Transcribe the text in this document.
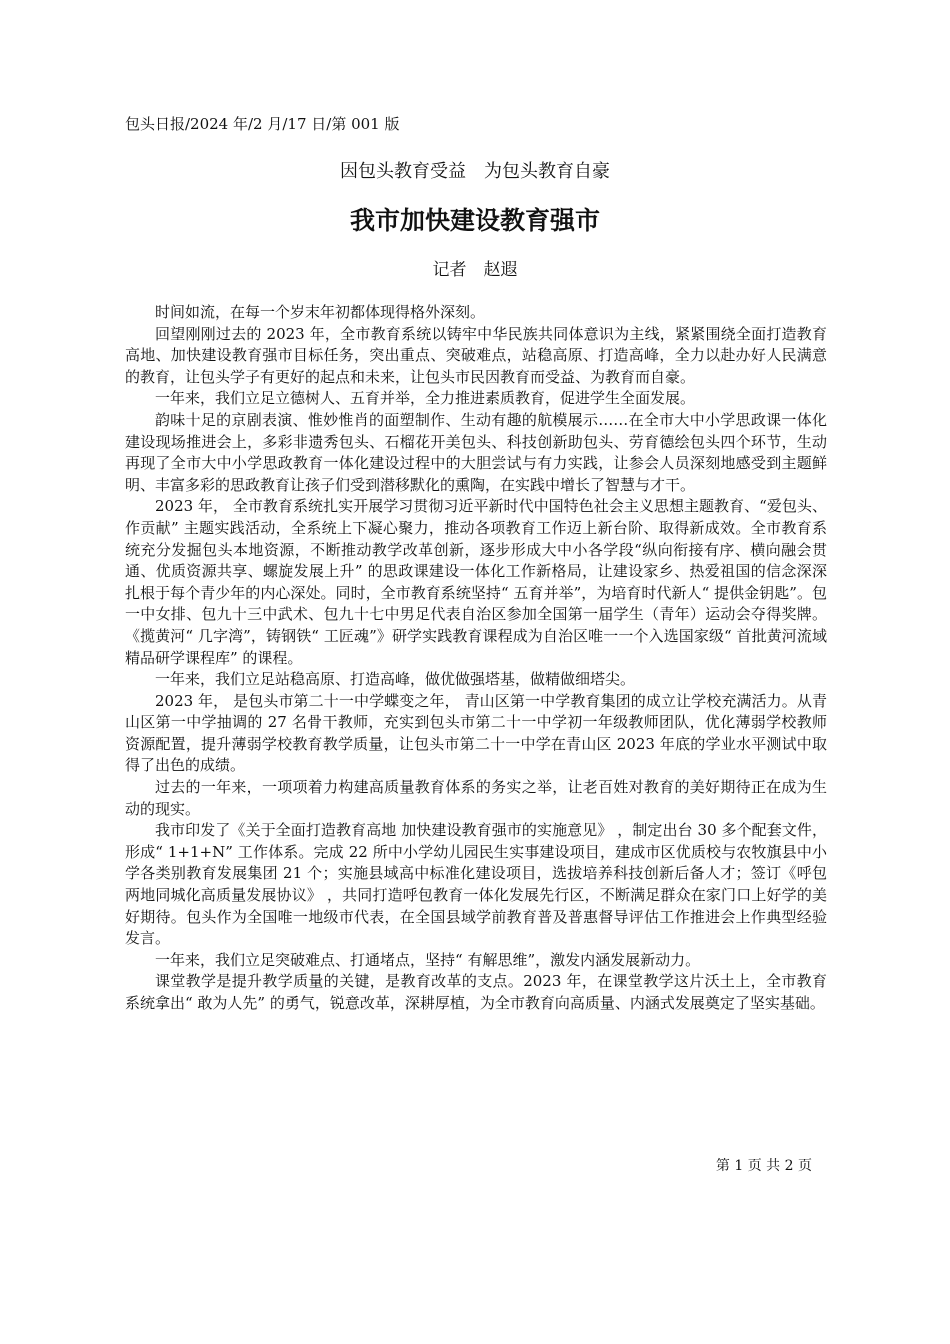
包头日报/2024 年/2 月/17 日/第 001 版
因包头教育受益　为包头教育自豪
我市加快建设教育强市
记者　赵遐

时间如流，在每一个岁末年初都体现得格外深刻。

回望刚刚过去的 2023 年，全市教育系统以铸牢中华民族共同体意识为主线，紧紧围绕全面打造教育高地、加快建设教育强市目标任务，突出重点、突破难点，站稳高原、打造高峰，全力以赴办好人民满意的教育，让包头学子有更好的起点和未来，让包头市民因教育而受益、为教育而自豪。

一年来，我们立足立德树人、五育并举，全力推进素质教育，促进学生全面发展。

韵味十足的京剧表演、惟妙惟肖的面塑制作、生动有趣的航模展示……在全市大中小学思政课一体化建设现场推进会上，多彩非遗秀包头、石榴花开美包头、科技创新助包头、劳育德绘包头四个环节，生动再现了全市大中小学思政教育一体化建设过程中的大胆尝试与有力实践，让参会人员深刻地感受到主题鲜明、丰富多彩的思政教育让孩子们受到潜移默化的熏陶，在实践中增长了智慧与才干。

2023 年， 全市教育系统扎实开展学习贯彻习近平新时代中国特色社会主义思想主题教育、“爱包头、作贡献” 主题实践活动，全系统上下凝心聚力，推动各项教育工作迈上新台阶、取得新成效。全市教育系统充分发掘包头本地资源，不断推动教学改革创新，逐步形成大中小各学段“纵向衔接有序、横向融会贯通、优质资源共享、螺旋发展上升” 的思政课建设一体化工作新格局，让建设家乡、热爱祖国的信念深深扎根于每个青少年的内心深处。同时，全市教育系统坚持“ 五育并举”，为培育时代新人“ 提供金钥匙”。包一中女排、包九十三中武术、包九十七中男足代表自治区参加全国第一届学生（青年）运动会夺得奖牌。《揽黄河“ 几字湾”，铸钢铁“ 工匠魂”》研学实践教育课程成为自治区唯一一个入选国家级“ 首批黄河流域精品研学课程库” 的课程。

一年来，我们立足站稳高原、打造高峰，做优做强塔基，做精做细塔尖。

2023 年， 是包头市第二十一中学蝶变之年， 青山区第一中学教育集团的成立让学校充满活力。从青山区第一中学抽调的 27 名骨干教师，充实到包头市第二十一中学初一年级教师团队，优化薄弱学校教师资源配置，提升薄弱学校教育教学质量，让包头市第二十一中学在青山区 2023 年底的学业水平测试中取得了出色的成绩。

过去的一年来，一项项着力构建高质量教育体系的务实之举，让老百姓对教育的美好期待正在成为生动的现实。

我市印发了《关于全面打造教育高地 加快建设教育强市的实施意见》 ，制定出台 30 多个配套文件，形成“ 1+1+N” 工作体系。完成 22 所中小学幼儿园民生实事建设项目，建成市区优质校与农牧旗县中小学各类别教育发展集团 21 个；实施县域高中标准化建设项目，选拔培养科技创新后备人才；签订《呼包两地同城化高质量发展协议》 ，共同打造呼包教育一体化发展先行区，不断满足群众在家门口上好学的美好期待。包头作为全国唯一地级市代表，在全国县域学前教育普及普惠督导评估工作推进会上作典型经验发言。

一年来，我们立足突破难点、打通堵点，坚持“ 有解思维”，激发内涵发展新动力。

课堂教学是提升教学质量的关键，是教育改革的支点。2023 年，在课堂教学这片沃土上，全市教育系统拿出“ 敢为人先” 的勇气，锐意改革，深耕厚植，为全市教育向高质量、内涵式发展奠定了坚实基础。

第 1 页 共 2 页
